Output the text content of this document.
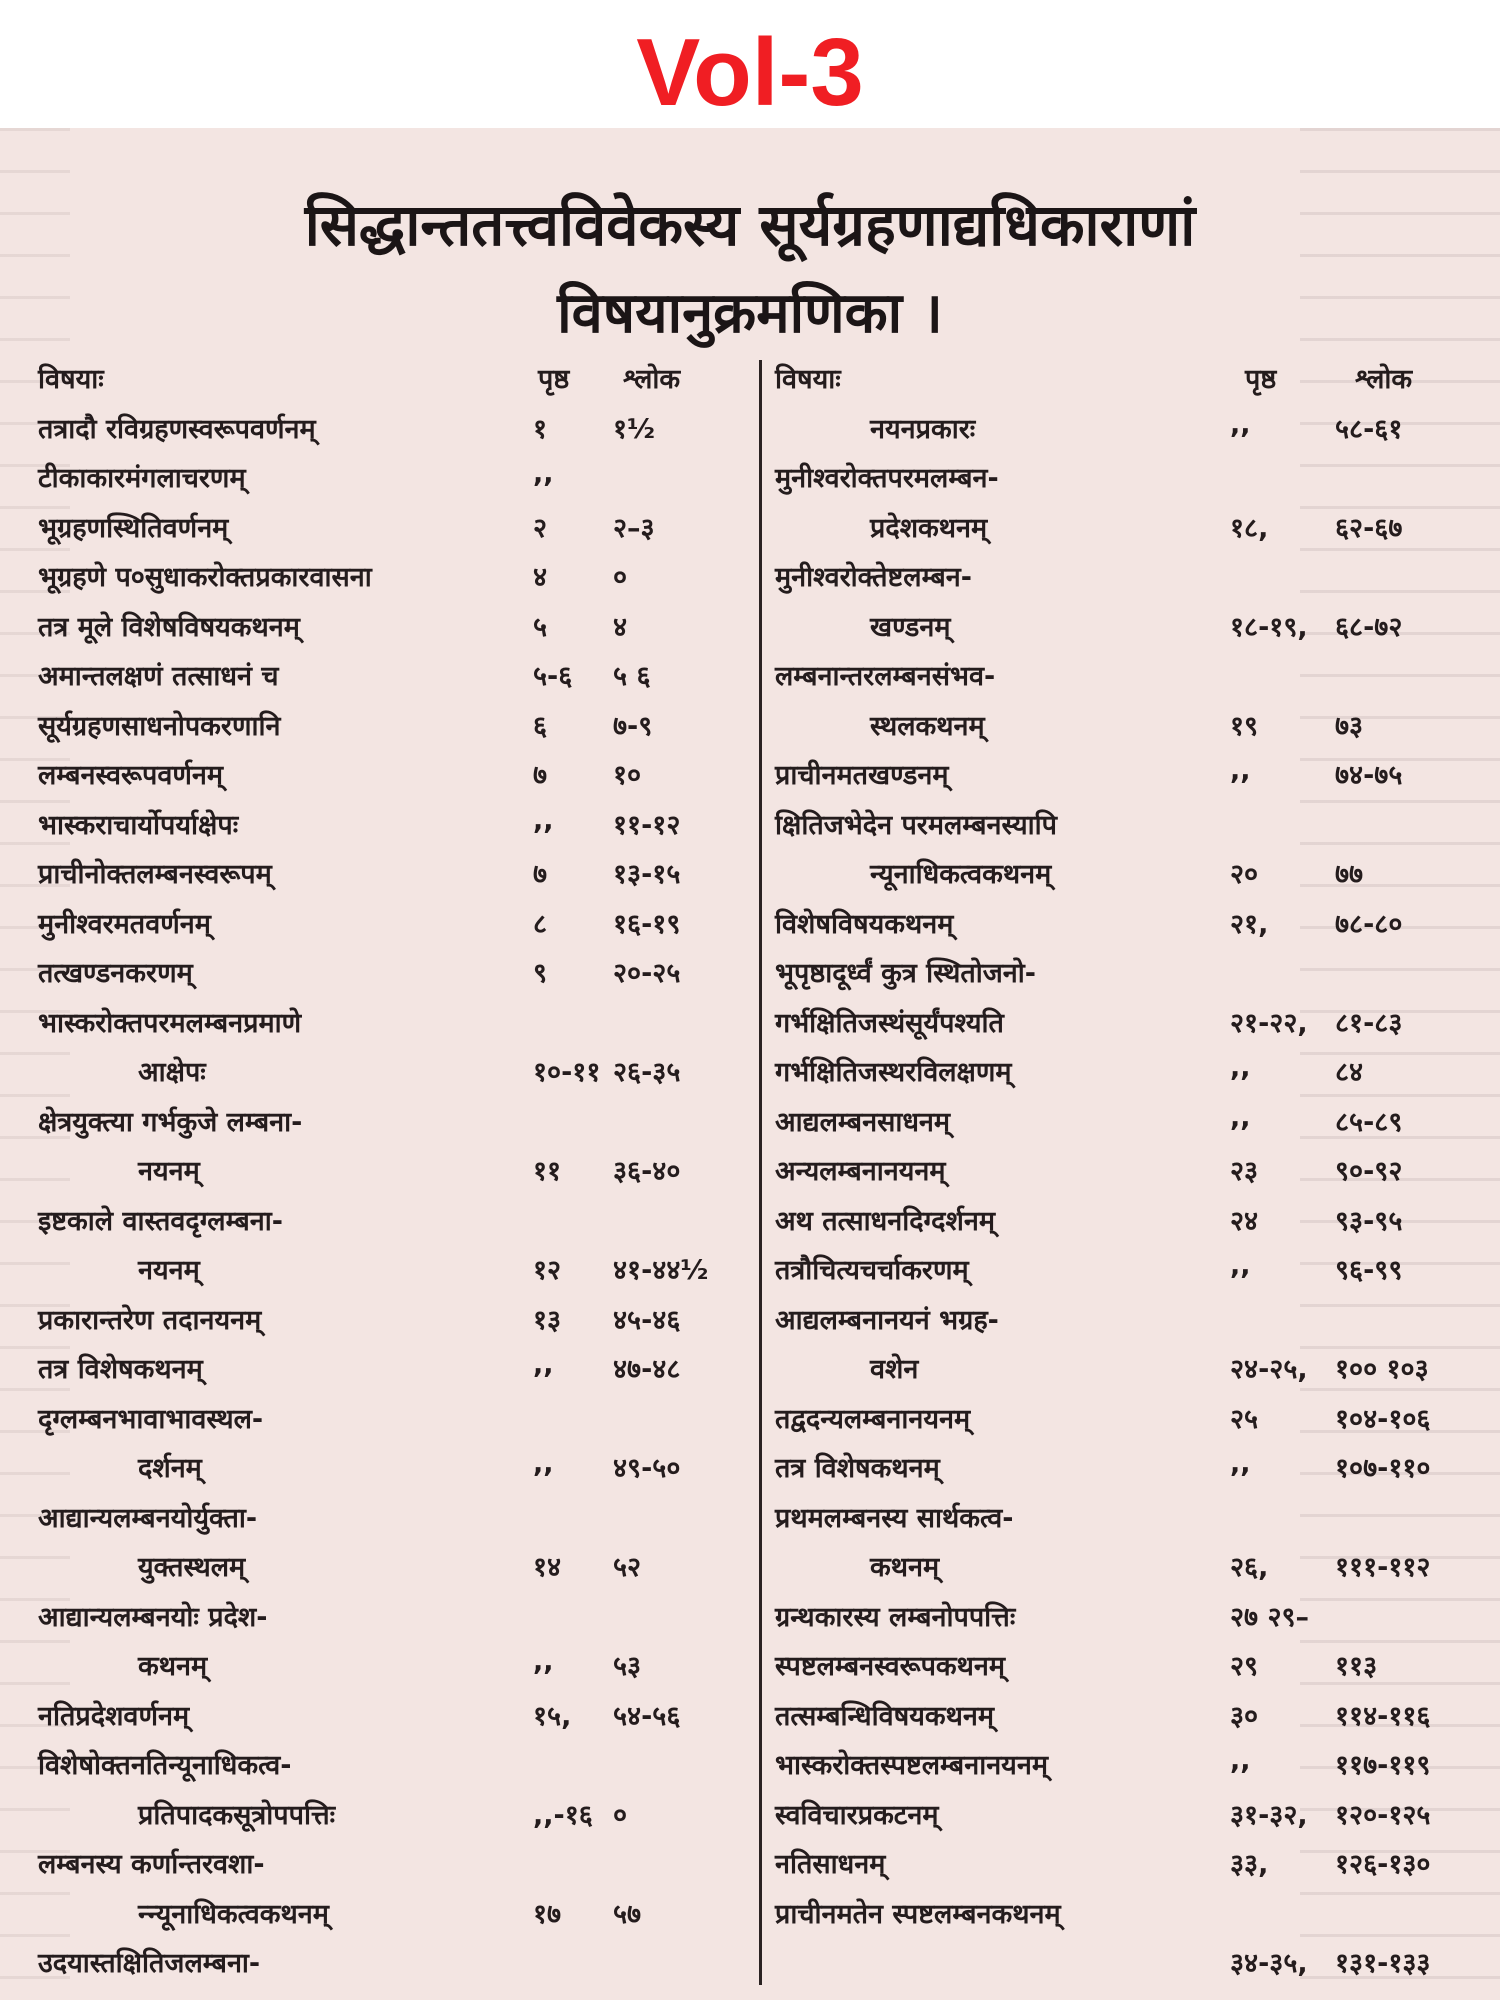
Vol-3
सिद्धान्ततत्त्वविवेकस्य सूर्यग्रहणाद्यधिकाराणां
विषयानुक्रमणिका ।
विषयाः	पृष्ठ श्लोक
तत्रादौ रविग्रहणस्वरूपवर्णनम्	१ १½
टीकाकारमंगलाचरणम्	,,
भूग्रहणस्थितिवर्णनम्	२ २–३
भूग्रहणे प०सुधाकरोक्तप्रकारवासना	४ ०
तत्र मूले विशेषविषयकथनम्	५ ४
अमान्तलक्षणं तत्साधनं च	५-६ ५ ६
सूर्यग्रहणसाधनोपकरणानि	६ ७-९
लम्बनस्वरूपवर्णनम्	७ १०
भास्कराचार्योपर्याक्षेपः	,, ११-१२
प्राचीनोक्तलम्बनस्वरूपम्	७ १३-१५
मुनीश्वरमतवर्णनम्	८ १६-१९
तत्खण्डनकरणम्	९ २०-२५
भास्करोक्तपरमलम्बनप्रमाणे
आक्षेपः	१०-११ २६-३५
क्षेत्रयुक्त्या गर्भकुजे लम्बना-
नयनम्	११ ३६-४०
इष्टकाले वास्तवदृग्लम्बना-
नयनम्	१२ ४१-४४½
प्रकारान्तरेण तदानयनम्	१३ ४५-४६
तत्र विशेषकथनम्	,, ४७-४८
दृग्लम्बनभावाभावस्थल-
दर्शनम्	,, ४९-५०
आद्यान्यलम्बनयोर्युक्ता-
युक्तस्थलम्	१४ ५२
आद्यान्यलम्बनयोः प्रदेश-
कथनम्	,, ५३
नतिप्रदेशवर्णनम्	१५, ५४-५६
विशेषोक्तनतिन्यूनाधिकत्व-
प्रतिपादकसूत्रोपपत्तिः	,,-१६ ०
लम्बनस्य कर्णान्तरवशा-
न्न्यूनाधिकत्वकथनम्	१७ ५७
उदयास्तक्षितिजलम्बना-
विषयाः	पृष्ठ	श्लोक
नयनप्रकारः	,,	५८-६१
मुनीश्वरोक्तपरमलम्बन-
प्रदेशकथनम्	१८, ६२-६७
मुनीश्वरोक्तेष्टलम्बन-
खण्डनम्	१८-१९, ६८-७२
लम्बनान्तरलम्बनसंभव-
स्थलकथनम्	१९	७३
प्राचीनमतखण्डनम्	,,	७४-७५
क्षितिजभेदेन परमलम्बनस्यापि
न्यूनाधिकत्वकथनम्	२०	७७
विशेषविषयकथनम्	२१, ७८-८०
भूपृष्ठादूर्ध्वं कुत्र स्थितोजनो-
गर्भक्षितिजस्थंसूर्यंपश्यति	२१-२२, ८१-८३
गर्भक्षितिजस्थरविलक्षणम्	,,	८४
आद्यलम्बनसाधनम्	,,	८५-८९
अन्यलम्बनानयनम्	२३	९०-९२
अथ तत्साधनदिग्दर्शनम्	२४	९३-९५
तत्रौचित्यचर्चाकरणम्	,,	९६-९९
आद्यलम्बनानयनं भग्रह-
वशेन	२४-२५, १०० १०३
तद्वदन्यलम्बनानयनम्	२५	१०४-१०६
तत्र विशेषकथनम्	,,	१०७-११०
प्रथमलम्बनस्य सार्थकत्व-
कथनम्	२६, १११-११२
ग्रन्थकारस्य लम्बनोपपत्तिः	२७ २९–
स्पष्टलम्बनस्वरूपकथनम्	२९	११३
तत्सम्बन्धिविषयकथनम्	३०	११४-११६
भास्करोक्तस्पष्टलम्बनानयनम्	,,	११७-११९
स्वविचारप्रकटनम्	३१-३२, १२०-१२५
नतिसाधनम्	३३, १२६-१३०
प्राचीनमतेन स्पष्टलम्बनकथनम्
३४-३५, १३१-१३३
